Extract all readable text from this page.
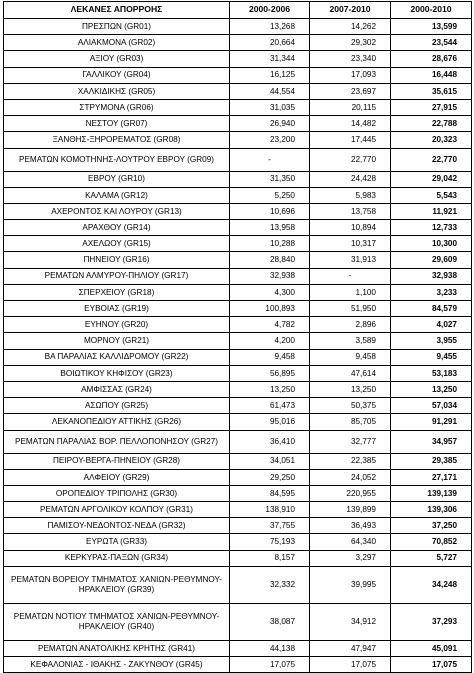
ΛΕΚΑΝΕΣ ΑΠΟΡΡΟΗΣ	2000-2006	2007-2010	2000-2010
ΠΡΕΣΠΩΝ (GR01)	13,268	14,262	13,599
ΑΛΙΑΚΜΟΝΑ (GR02)	20,664	29,302	23,544
ΑΞΙΟΥ (GR03)	31,344	23,340	28,676
ΓΑΛΛΙΚΟΥ (GR04)	16,125	17,093	16,448
ΧΑΛΚΙΔΙΚΗΣ (GR05)	44,554	23,697	35,615
ΣΤΡΥΜΟΝΑ (GR06)	31,035	20,115	27,915
ΝΕΣΤΟΥ (GR07)	26,940	14,482	22,788
ΞΑΝΘΗΣ-ΞΗΡΟΡΕΜΑΤΟΣ (GR08)	23,200	17,445	20,323
ΡΕΜΑΤΩΝ ΚΟΜΟΤΗΝΗΣ-ΛΟΥΤΡΟΥ ΕΒΡΟΥ (GR09)	-	22,770	22,770
ΕΒΡΟΥ (GR10)	31,350	24,428	29,042
ΚΑΛΑΜΑ (GR12)	5,250	5,983	5,543
ΑΧΕΡΟΝΤΟΣ ΚΑΙ ΛΟΥΡΟΥ (GR13)	10,696	13,758	11,921
ΑΡΑΧΘΟΥ (GR14)	13,958	10,894	12,733
ΑΧΕΛΩΟΥ (GR15)	10,288	10,317	10,300
ΠΗΝΕΙΟΥ (GR16)	28,840	31,913	29,609
ΡΕΜΑΤΩΝ ΑΛΜΥΡΟΥ-ΠΗΛΙΟΥ (GR17)	32,938	-	32,938
ΣΠΕΡΧΕΙΟΥ (GR18)	4,300	1,100	3,233
ΕΥΒΟΙΑΣ (GR19)	100,893	51,950	84,579
ΕΥΗΝΟΥ (GR20)	4,782	2,896	4,027
ΜΟΡΝΟΥ (GR21)	4,200	3,589	3,955
ΒΑ ΠΑΡΑΛΙΑΣ ΚΑΛΛΙΔΡΟΜΟΥ (GR22)	9,458	9,458	9,455
ΒΟΙΩΤΙΚΟΥ ΚΗΦΙΣΟΥ (GR23)	56,895	47,614	53,183
ΑΜΦΙΣΣΑΣ (GR24)	13,250	13,250	13,250
ΑΣΩΠΟΥ (GR25)	61,473	50,375	57,034
ΛΕΚΑΝΟΠΕΔΙΟΥ ΑΤΤΙΚΗΣ (GR26)	95,016	85,705	91,291
ΡΕΜΑΤΩΝ ΠΑΡΑΛΙΑΣ ΒΟΡ. ΠΕΛΛΟΠΟΝΗΣΟΥ (GR27)	36,410	32,777	34,957
ΠΕΙΡΟΥ-ΒΕΡΓΑ-ΠΗΝΕΙΟΥ (GR28)	34,051	22,385	29,385
ΑΛΦΕΙΟΥ (GR29)	29,250	24,052	27,171
ΟΡΟΠΕΔΙΟΥ ΤΡΙΠΟΛΗΣ (GR30)	84,595	220,955	139,139
ΡΕΜΑΤΩΝ ΑΡΓΟΛΙΚΟΥ ΚΟΛΠΟΥ (GR31)	138,910	139,899	139,306
ΠΑΜΙΣΟΥ-ΝΕΔΟΝΤΟΣ-ΝΕΔΑ (GR32)	37,755	36,493	37,250
ΕΥΡΩΤΑ (GR33)	75,193	64,340	70,852
ΚΕΡΚΥΡΑΣ-ΠΑΞΩΝ (GR34)	8,157	3,297	5,727
ΡΕΜΑΤΩΝ ΒΟΡΕΙΟΥ ΤΜΗΜΑΤΟΣ ΧΑΝΙΩΝ-ΡΕΘΥΜΝΟΥ-ΗΡΑΚΛΕΙΟΥ (GR39)	32,332	39,995	34,248
ΡΕΜΑΤΩΝ ΝΟΤΙΟΥ ΤΜΗΜΑΤΟΣ ΧΑΝΙΩΝ-ΡΕΘΥΜΝΟΥ-ΗΡΑΚΛΕΙΟΥ (GR40)	38,087	34,912	37,293
ΡΕΜΑΤΩΝ ΑΝΑΤΟΛΙΚΗΣ ΚΡΗΤΗΣ (GR41)	44,138	47,947	45,091
ΚΕΦΑΛΟΝΙΑΣ - ΙΘΑΚΗΣ - ΖΑΚΥΝΘΟΥ (GR45)	17,075	17,075	17,075
